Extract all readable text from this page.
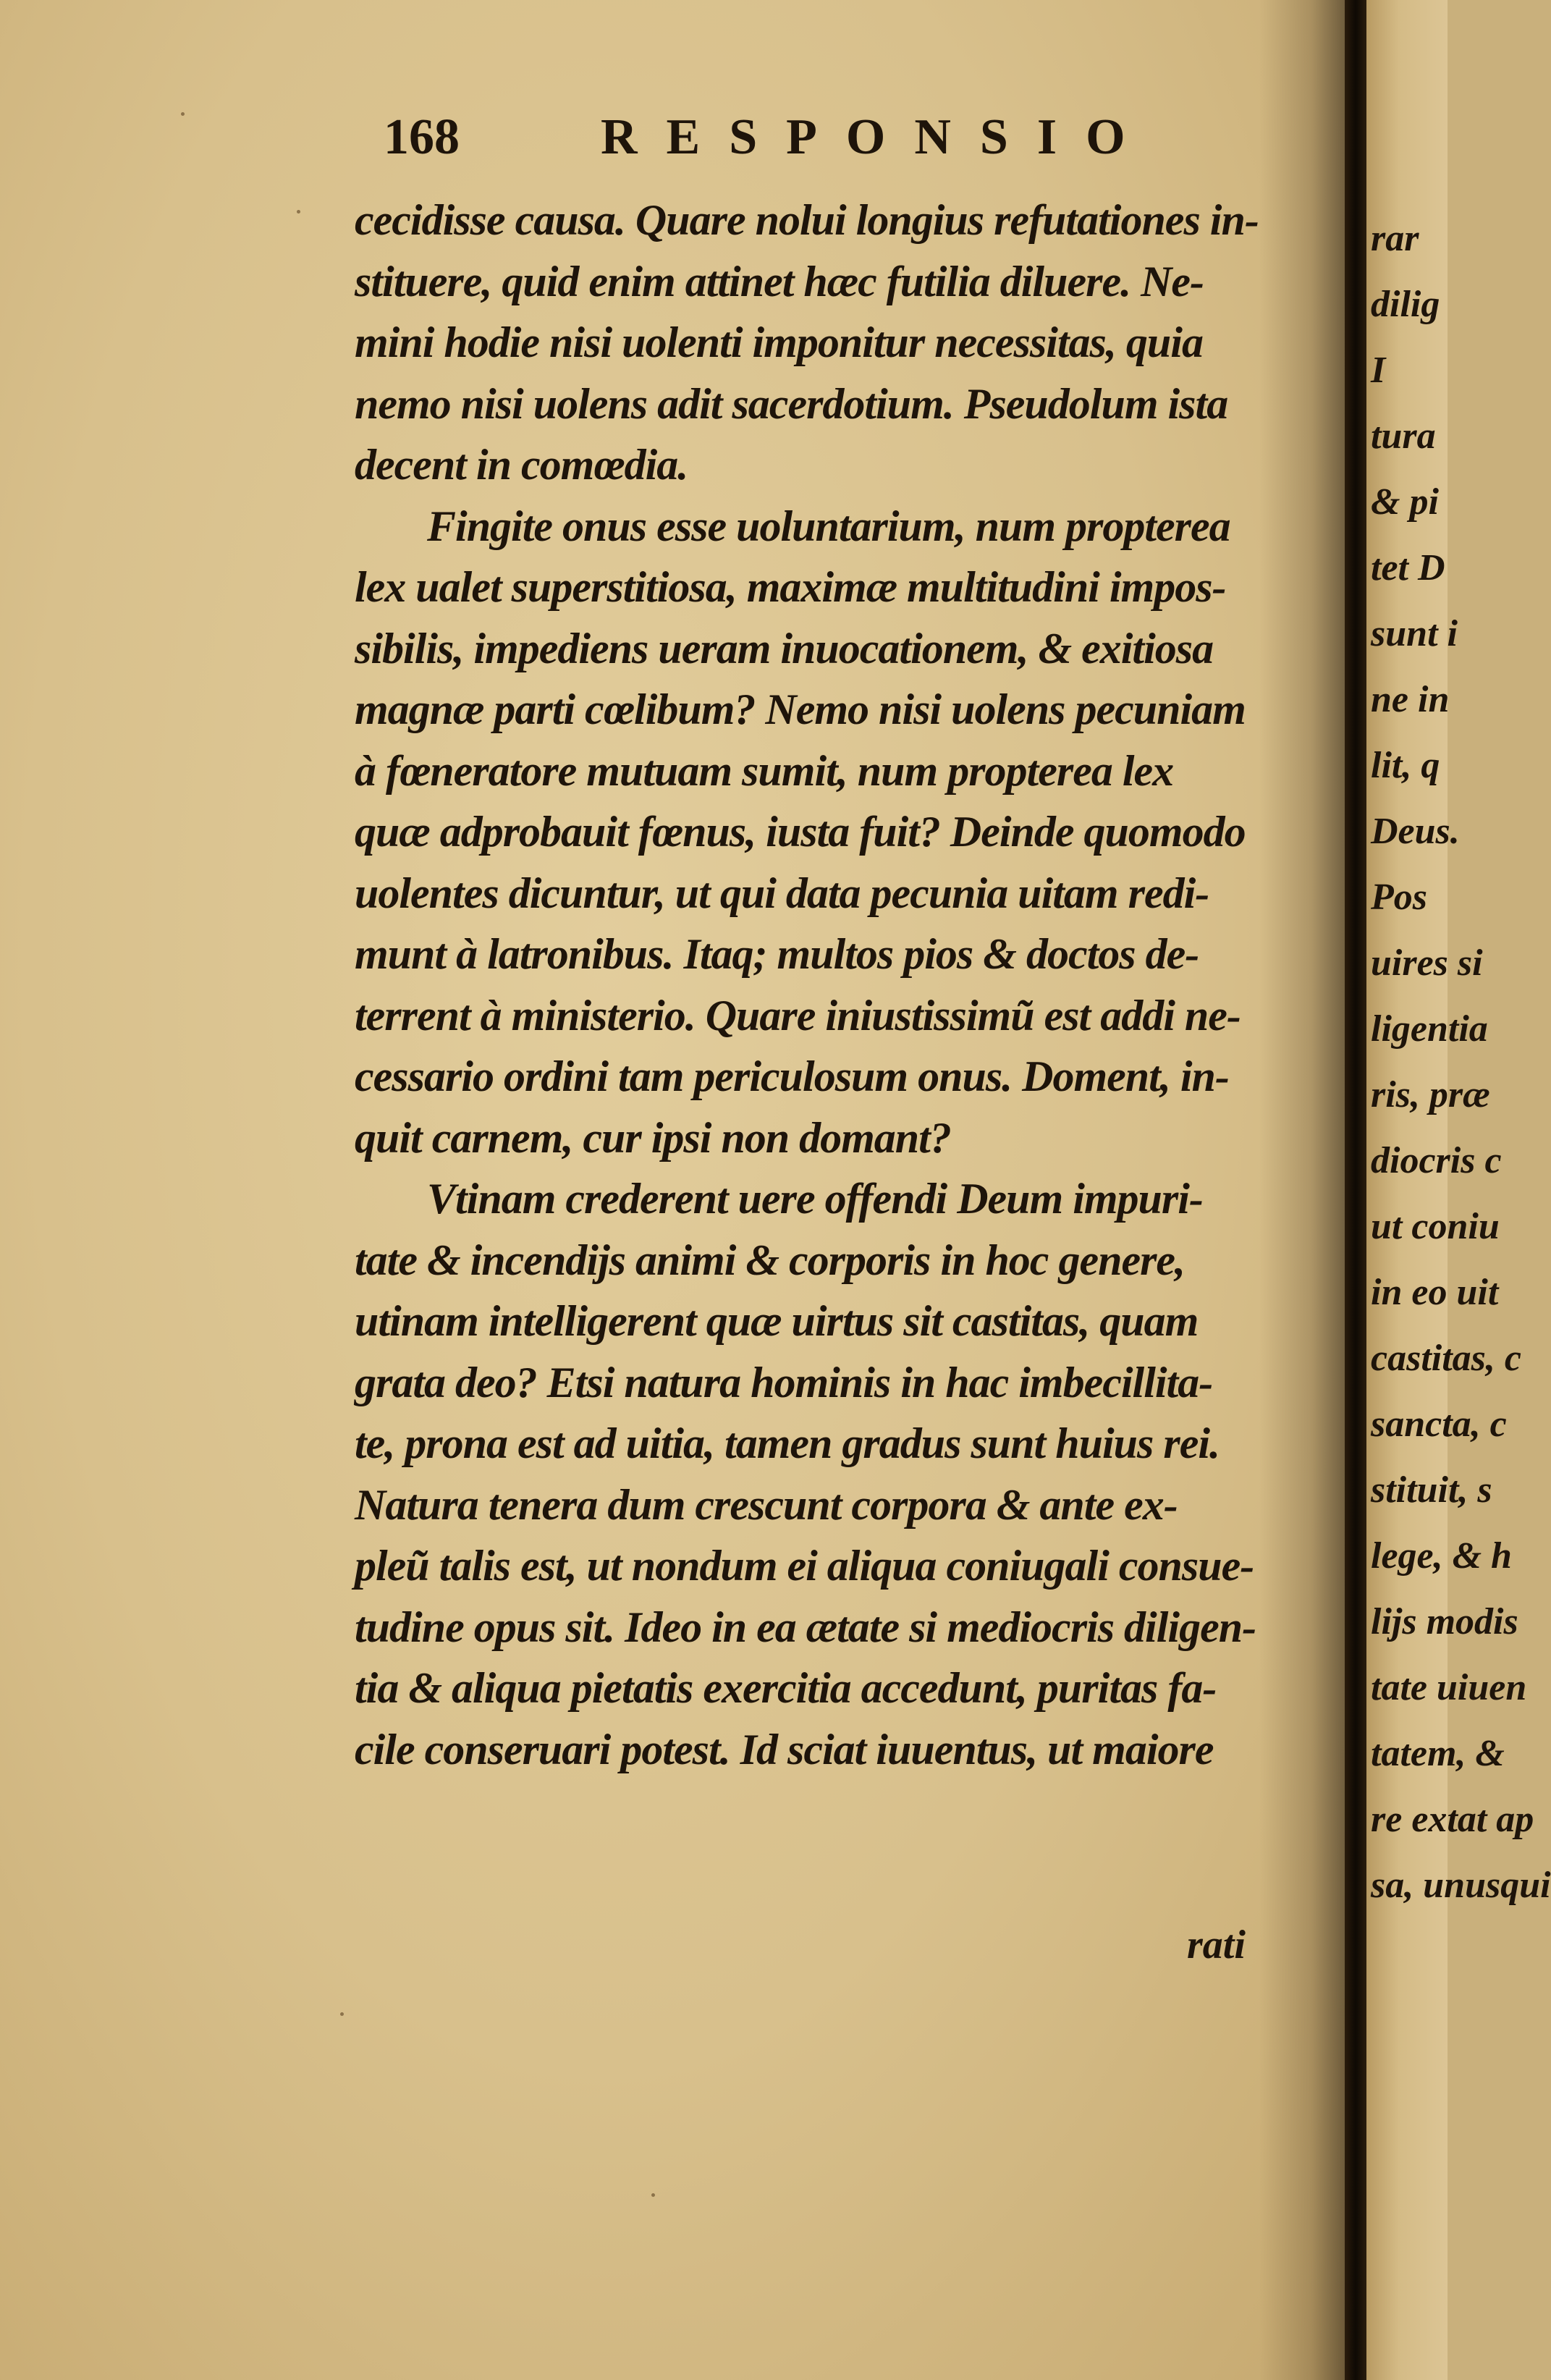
168	RESPONSIO
cecidisse causa. Quare nolui longius refutationes in-
stituere, quid enim attinet hæc futilia diluere. Ne-
mini hodie nisi uolenti imponitur necessitas, quia
nemo nisi uolens adit sacerdotium. Pseudolum ista
decent in comœdia.
Fingite onus esse uoluntarium, num propterea
lex ualet superstitiosa, maximæ multitudini impos-
sibilis, impediens ueram inuocationem, & exitiosa
magnæ parti cœlibum? Nemo nisi uolens pecuniam
à fœneratore mutuam sumit, num propterea lex
quæ adprobauit fœnus, iusta fuit? Deinde quomodo
uolentes dicuntur, ut qui data pecunia uitam redi-
munt à latronibus. Itaq; multos pios & doctos de-
terrent à ministerio. Quare iniustissimũ est addi ne-
cessario ordini tam periculosum onus. Doment, in-
quit carnem, cur ipsi non domant?
Vtinam crederent uere offendi Deum impuri-
tate & incendijs animi & corporis in hoc genere,
utinam intelligerent quæ uirtus sit castitas, quam
grata deo? Etsi natura hominis in hac imbecillita-
te, prona est ad uitia, tamen gradus sunt huius rei.
Natura tenera dum crescunt corpora & ante ex-
pleũ talis est, ut nondum ei aliqua coniugali consue-
tudine opus sit. Ideo in ea ætate si mediocris diligen-
tia & aliqua pietatis exercitia accedunt, puritas fa-
cile conseruari potest. Id sciat iuuentus, ut maiore
rati
rar
dilig
I
tura
& pi
tet D
sunt i
ne in
lit, q
Deus.
Pos
uires si
ligentia
ris, præ
diocris c
ut coniu
in eo uit
castitas, c
sancta, c
stituit, s
lege, & h
lijs modis
tate uiuen
tatem, &
re extat ap
sa, unusqui
